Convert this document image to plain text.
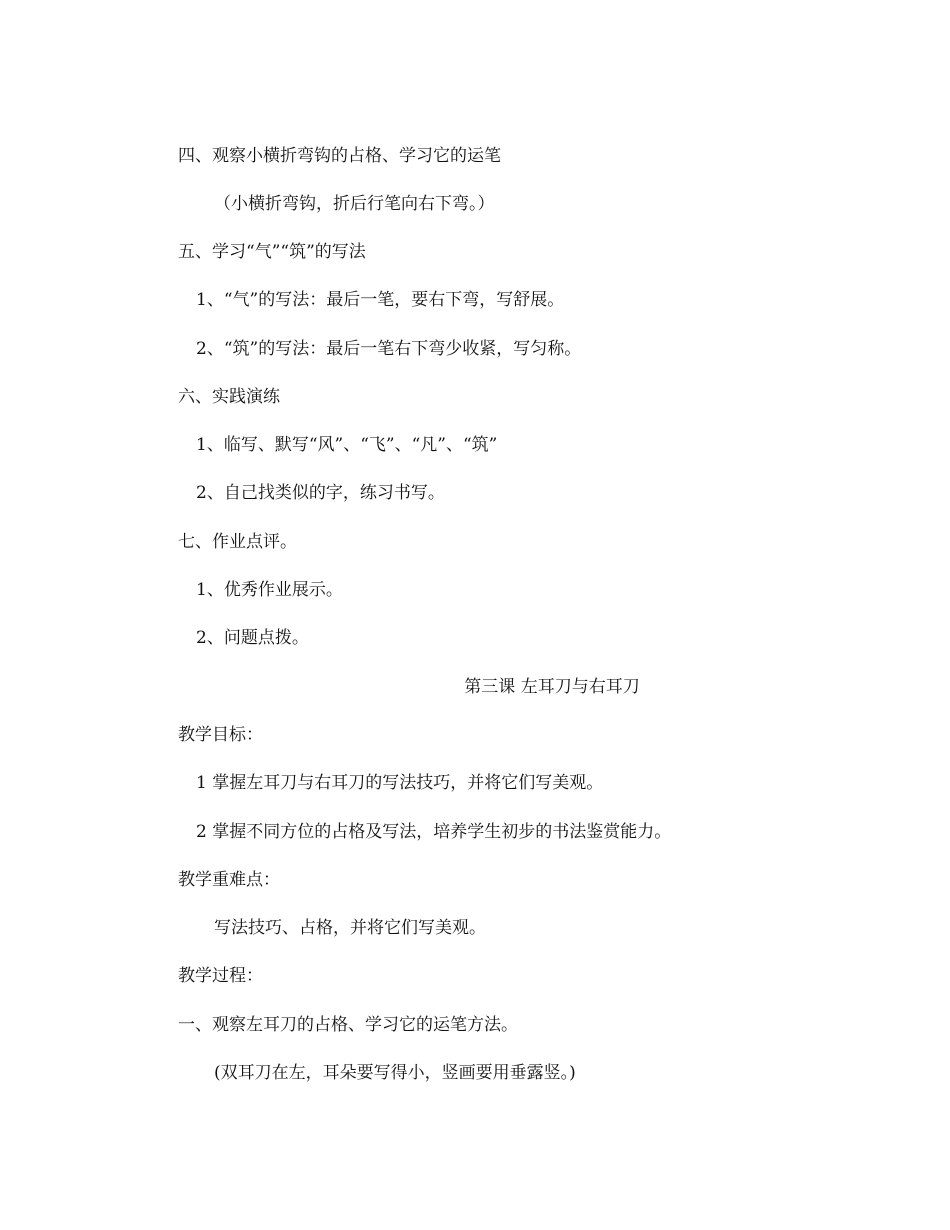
四、观察小横折弯钩的占格、学习它的运笔
（小横折弯钩，折后行笔向右下弯。）
五、学习“气”“筑”的写法
1、“气”的写法：最后一笔，要右下弯，写舒展。
2、“筑”的写法：最后一笔右下弯少收紧，写匀称。
六、实践演练
1、临写、默写“风”、“飞”、“凡”、“筑”
2、自己找类似的字，练习书写。
七、作业点评。
1、优秀作业展示。
2、问题点拨。
第三课 左耳刀与右耳刀
教学目标：
1 掌握左耳刀与右耳刀的写法技巧，并将它们写美观。
2 掌握不同方位的占格及写法，培养学生初步的书法鉴赏能力。
教学重难点：
写法技巧、占格，并将它们写美观。
教学过程：
一、观察左耳刀的占格、学习它的运笔方法。
(双耳刀在左，耳朵要写得小，竖画要用垂露竖。)
